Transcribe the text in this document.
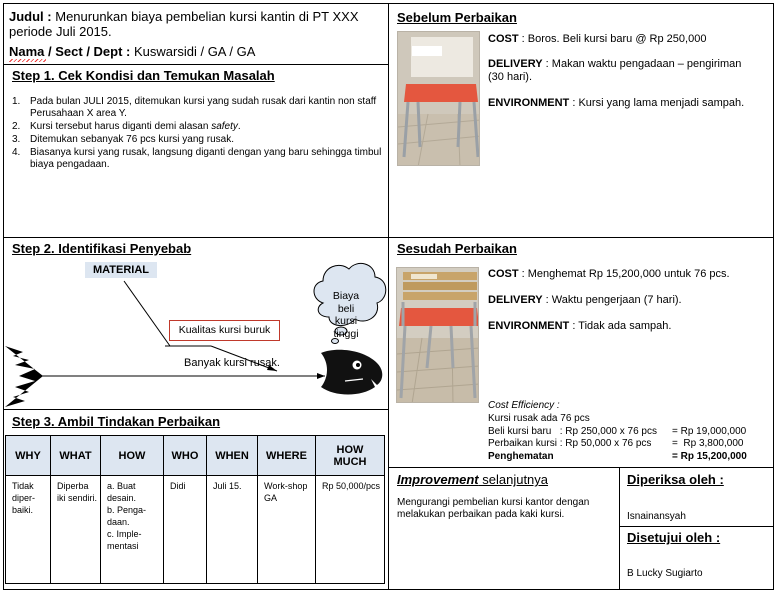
Judul : Menurunkan biaya pembelian kursi kantin di PT XXX
periode Juli 2015.
Nama / Sect / Dept : Kuswarsidi / GA / GA
Step 1. Cek Kondisi dan Temukan Masalah
1. Pada bulan JULI 2015, ditemukan kursi yang sudah rusak dari kantin non staff Perusahaan X area Y.
2. Kursi tersebut harus diganti demi alasan safety.
3. Ditemukan sebanyak 76 pcs kursi yang rusak.
4. Biasanya kursi yang rusak, langsung diganti dengan yang baru sehingga timbul biaya pengadaan.
Step 2. Identifikasi Penyebab
MATERIAL
Kualitas kursi buruk
Banyak kursi rusak.
Biaya beli kursi tinggi
Step 3. Ambil Tindakan Perbaikan
WHY	WHAT	HOW	WHO	WHEN	WHERE	HOW MUCH
Tidak diper-baiki.	Diperba iki sendiri.	a. Buat desain.
b. Penga-daan.
c. Imple-mentasi	Didi	Juli 15.	Work-shop GA	Rp 50,000/pcs
Sebelum Perbaikan
COST : Boros. Beli kursi baru @ Rp 250,000
DELIVERY : Makan waktu pengadaan – pengiriman (30 hari).
ENVIRONMENT : Kursi yang lama menjadi sampah.
Sesudah Perbaikan
COST : Menghemat Rp 15,200,000 untuk 76 pcs.
DELIVERY : Waktu pengerjaan (7 hari).
ENVIRONMENT : Tidak ada sampah.
Cost Efficiency :
Kursi rusak ada 76 pcs
Beli kursi baru   : Rp 250,000 x 76 pcs = Rp 19,000,000
Perbaikan kursi : Rp 50,000 x 76 pcs =  Rp 3,800,000
Penghematan	= Rp 15,200,000
Improvement selanjutnya
Mengurangi pembelian kursi kantor dengan melakukan perbaikan pada kaki kursi.
Diperiksa oleh :
Isnainansyah
Disetujui oleh :
B Lucky Sugiarto
